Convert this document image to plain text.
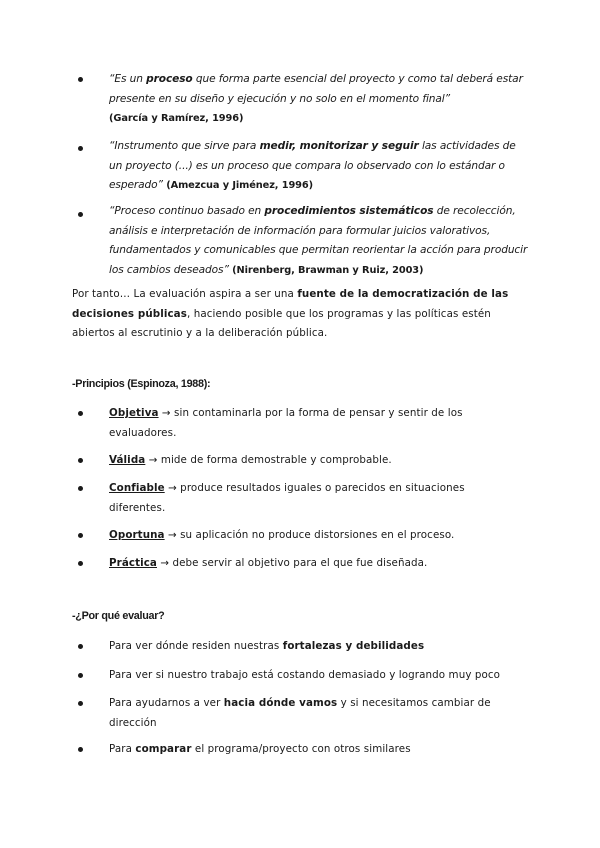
“Es un proceso que forma parte esencial del proyecto y como tal deberá estar presente en su diseño y ejecución y no solo en el momento final”
(García y Ramírez, 1996)
“Instrumento que sirve para medir, monitorizar y seguir las actividades de un proyecto (...) es un proceso que compara lo observado con lo estándar o esperado” (Amezcua y Jiménez, 1996)
“Proceso continuo basado en procedimientos sistemáticos de recolección, análisis e interpretación de información para formular juicios valorativos, fundamentados y comunicables que permitan reorientar la acción para producir los cambios deseados” (Nirenberg, Brawman y Ruiz, 2003)

Por tanto… La evaluación aspira a ser una fuente de la democratización de las decisiones públicas, haciendo posible que los programas y las políticas estén abiertos al escrutinio y a la deliberación pública.

-Principios (Espinoza, 1988):
Objetiva → sin contaminarla por la forma de pensar y sentir de los evaluadores.
Válida → mide de forma demostrable y comprobable.
Confiable → produce resultados iguales o parecidos en situaciones diferentes.
Oportuna → su aplicación no produce distorsiones en el proceso.
Práctica → debe servir al objetivo para el que fue diseñada.
-¿Por qué evaluar?
Para ver dónde residen nuestras fortalezas y debilidades
Para ver si nuestro trabajo está costando demasiado y logrando muy poco
Para ayudarnos a ver hacia dónde vamos y si necesitamos cambiar de dirección
Para comparar el programa/proyecto con otros similares
